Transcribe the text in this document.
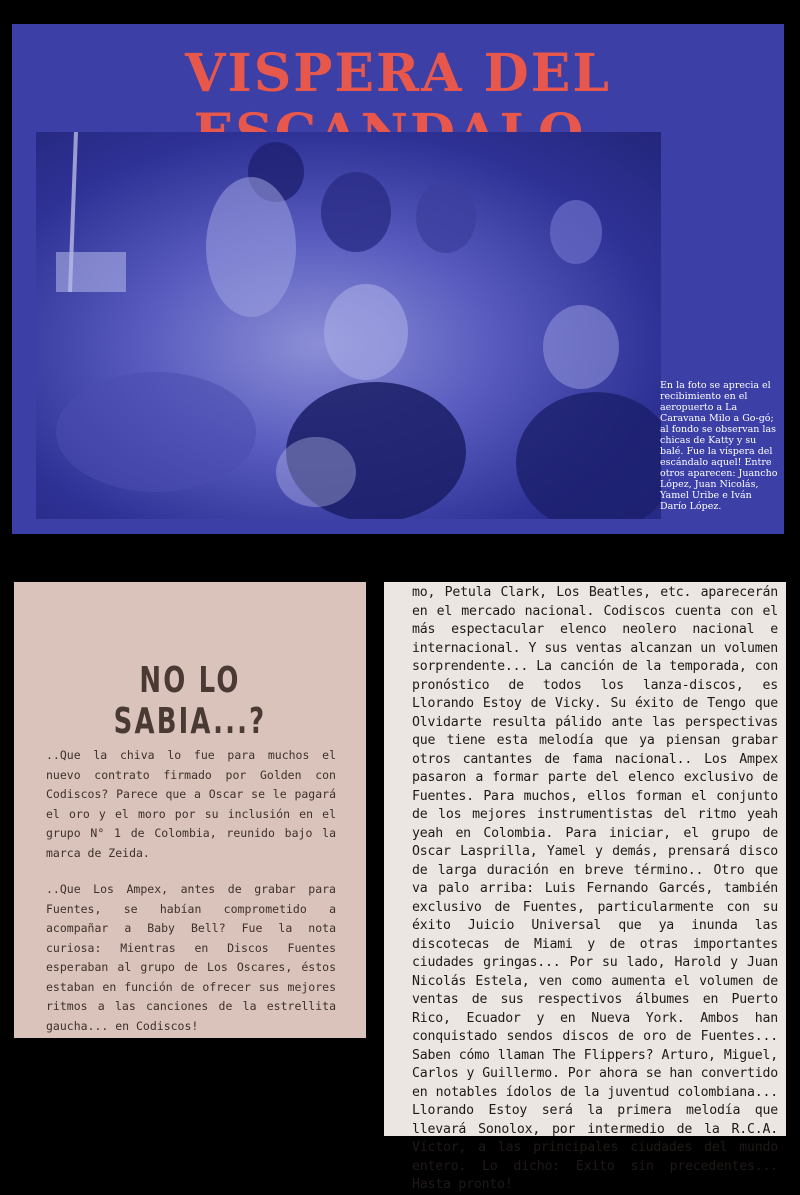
VISPERA DEL

En la foto se aprecia el recibimiento en el aeropuerto a La Caravana Milo a Go-gó; al fondo se observan las chicas de Katty y su balé. Fue la víspera del escándalo aquel! Entre otros aparecen: Juancho López, Juan Nicolás, Yamel Uribe e Iván Darío López.

NO LO SABIA...?

..Que la chiva lo fue para muchos el nuevo contrato firmado por Golden con Codiscos? Parece que a Oscar se le pagará el oro y el moro por su inclusión en el grupo N° 1 de Colombia, reunido bajo la marca de Zeida.

..Que Los Ampex, antes de grabar para Fuentes, se habían comprometido a acompañar a Baby Bell? Fue la nota curiosa: Mientras en Discos Fuentes esperaban al grupo de Los Oscares, éstos estaban en función de ofrecer sus mejores ritmos a las canciones de la estrellita gaucha... en Codiscos!

mo, Petula Clark, Los Beatles, etc. aparecerán en el mercado nacional. Codiscos cuenta con el más espectacular elenco neolero nacional e internacional. Y sus ventas alcanzan un volumen sorprendente... La canción de la temporada, con pronóstico de todos los lanza-discos, es Llorando Estoy de Vicky. Su éxito de Tengo que Olvidarte resulta pálido ante las perspectivas que tiene esta melodía que ya piensan grabar otros cantantes de fama nacional.. Los Ampex pasaron a formar parte del elenco exclusivo de Fuentes. Para muchos, ellos forman el conjunto de los mejores instrumentistas del ritmo yeah yeah en Colombia. Para iniciar, el grupo de Oscar Lasprilla, Yamel y demás, prensará disco de larga duración en breve término.. Otro que va palo arriba: Luis Fernando Garcés, también exclusivo de Fuentes, particularmente con su éxito Juicio Universal que ya inunda las discotecas de Miami y de otras importantes ciudades gringas... Por su lado, Harold y Juan Nicolás Estela, ven como aumenta el volumen de ventas de sus respectivos álbumes en Puerto Rico, Ecuador y en Nueva York. Ambos han conquistado sendos discos de oro de Fuentes... Saben cómo llaman The Flippers? Arturo, Miguel, Carlos y Guillermo. Por ahora se han convertido en notables ídolos de la juventud colombiana... Llorando Estoy será la primera melodía que llevará Sonolox, por intermedio de la R.C.A. Víctor, a las principales ciudades del mundo entero. Lo dicho: Exito sin precedentes... Hasta pronto!
